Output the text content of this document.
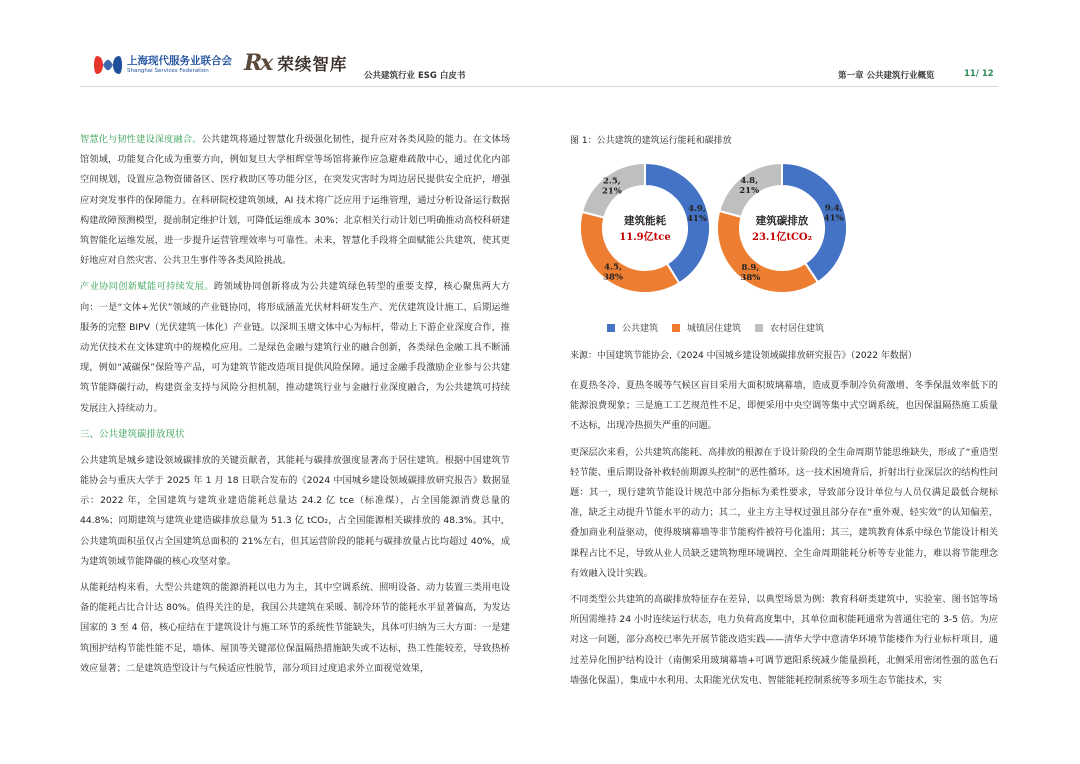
上海现代服务业联合会
Shanghai Services Federation	Rx 荣续智库
公共建筑行业 ESG 白皮书	第一章 公共建筑行业概览	11/ 12

智慧化与韧性建设深度融合。公共建筑将通过智慧化升级强化韧性，提升应对各类风险的能力。在文体场馆领域，功能复合化成为重要方向，例如复旦大学相辉堂等场馆将兼作应急避难疏散中心，通过优化内部空间规划，设置应急物资储备区、医疗救助区等功能分区，在突发灾害时为周边居民提供安全庇护，增强应对突发事件的保障能力。在科研院校建筑领域，AI 技术将广泛应用于运维管理，通过分析设备运行数据构建故障预测模型，提前制定维护计划，可降低运维成本 30%；北京相关行动计划已明确推动高校科研建筑智能化运维发展，进一步提升运营管理效率与可靠性。未来，智慧化手段将全面赋能公共建筑，使其更好地应对自然灾害、公共卫生事件等各类风险挑战。

产业协同创新赋能可持续发展。跨领域协同创新将成为公共建筑绿色转型的重要支撑，核心聚焦两大方向：一是“文体+光伏”领域的产业链协同，将形成涵盖光伏材料研发生产、光伏建筑设计施工、后期运维服务的完整 BIPV（光伏建筑一体化）产业链。以深圳玉塘文体中心为标杆，带动上下游企业深度合作，推动光伏技术在文体建筑中的规模化应用。二是绿色金融与建筑行业的融合创新，各类绿色金融工具不断涌现，例如“减碳保”保险等产品，可为建筑节能改造项目提供风险保障。通过金融手段激励企业参与公共建筑节能降碳行动，构建资金支持与风险分担机制，推动建筑行业与金融行业深度融合，为公共建筑可持续发展注入持续动力。

三、公共建筑碳排放现状

公共建筑是城乡建设领域碳排放的关键贡献者，其能耗与碳排放强度显著高于居住建筑。根据中国建筑节能协会与重庆大学于 2025 年 1 月 18 日联合发布的《2024 中国城乡建设领域碳排放研究报告》数据显示：2022 年，全国建筑与建筑业建造能耗总量达 24.2 亿 tce（标准煤），占全国能源消费总量的 44.8%；同期建筑与建筑业建造碳排放总量为 51.3 亿 tCO₂，占全国能源相关碳排放的 48.3%。其中，公共建筑面积虽仅占全国建筑总面积的 21%左右，但其运营阶段的能耗与碳排放量占比均超过 40%，成为建筑领域节能降碳的核心攻坚对象。

从能耗结构来看，大型公共建筑的能源消耗以电力为主，其中空调系统、照明设备、动力装置三类用电设备的能耗占比合计达 80%。值得关注的是，我国公共建筑在采暖、制冷环节的能耗水平显著偏高，为发达国家的 3 至 4 倍，核心症结在于建筑设计与施工环节的系统性节能缺失，具体可归纳为三大方面：一是建筑围护结构节能性能不足，墙体、屋顶等关键部位保温隔热措施缺失或不达标，热工性能较差，导致热桥效应显著；二是建筑造型设计与气候适应性脱节，部分项目过度追求外立面视觉效果，

图 1：公共建筑的建筑运行能耗和碳排放
4.9, 41%
4.5, 38%
2.5, 21%
建筑能耗
11.9亿tce
9.4, 41%
8.9, 38%
4.8, 21%
建筑碳排放
23.1亿tCO₂
公共建筑	城镇居住建筑	农村居住建筑
来源：中国建筑节能协会,《2024 中国城乡建设领域碳排放研究报告》（2022 年数据）

在夏热冬冷、夏热冬暖等气候区盲目采用大面积玻璃幕墙，造成夏季制冷负荷激增、冬季保温效率低下的能源浪费现象；三是施工工艺规范性不足，即便采用中央空调等集中式空调系统，也因保温隔热施工质量不达标，出现冷热损失严重的问题。

更深层次来看，公共建筑高能耗、高排放的根源在于设计阶段的全生命周期节能思维缺失，形成了“重造型轻节能、重后期设备补救轻前期源头控制”的恶性循环。这一技术困境背后，折射出行业深层次的结构性问题：其一，现行建筑节能设计规范中部分指标为柔性要求，导致部分设计单位与人员仅满足最低合规标准，缺乏主动提升节能水平的动力；其二，业主方主导权过强且部分存在“重外观、轻实效”的认知偏差，叠加商业利益驱动，使得玻璃幕墙等非节能构件被符号化滥用；其三，建筑教育体系中绿色节能设计相关课程占比不足，导致从业人员缺乏建筑物理环境调控、全生命周期能耗分析等专业能力，难以将节能理念有效融入设计实践。

不同类型公共建筑的高碳排放特征存在差异，以典型场景为例：教育科研类建筑中，实验室、图书馆等场所因需维持 24 小时连续运行状态，电力负荷高度集中，其单位面积能耗通常为普通住宅的 3-5 倍。为应对这一问题，部分高校已率先开展节能改造实践——清华大学中意清华环境节能楼作为行业标杆项目，通过差异化围护结构设计（南侧采用玻璃幕墙+可调节遮阳系统减少能量损耗，北侧采用密闭性强的蓝色石墙强化保温），集成中水利用、太阳能光伏发电、智能能耗控制系统等多项生态节能技术，实
